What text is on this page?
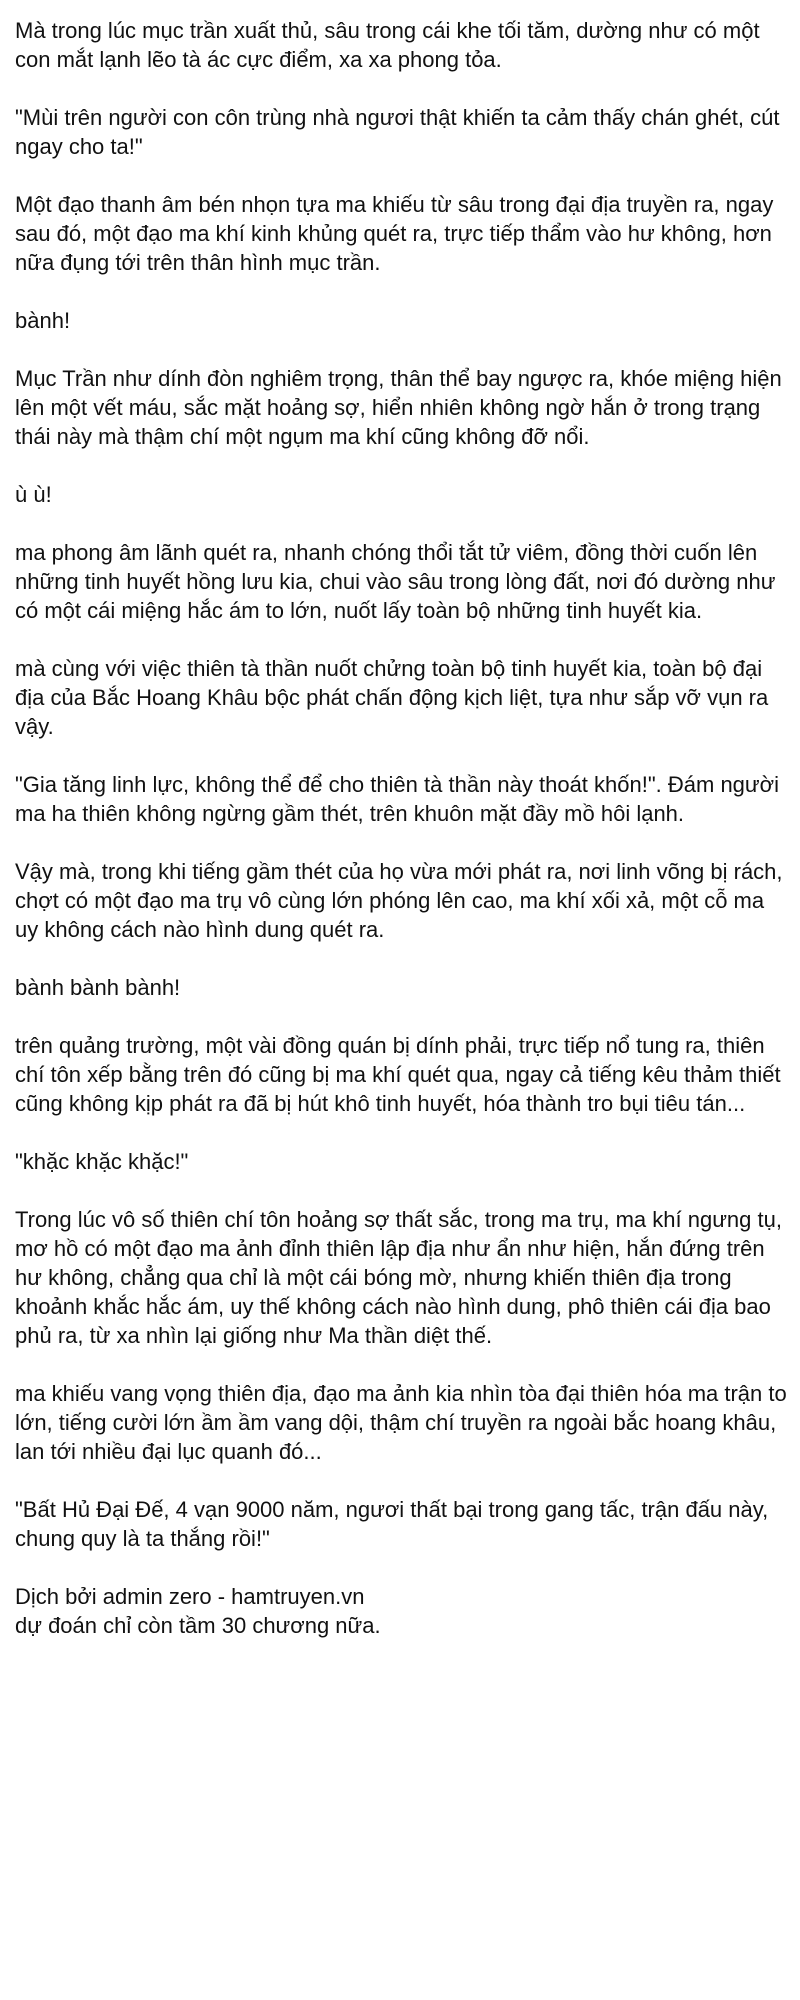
Mà trong lúc mục trần xuất thủ, sâu trong cái khe tối tăm, dường như có một con mắt lạnh lẽo tà ác cực điểm, xa xa phong tỏa.

"Mùi trên người con côn trùng nhà ngươi thật khiến ta cảm thấy chán ghét, cút ngay cho ta!"

Một đạo thanh âm bén nhọn tựa ma khiếu từ sâu trong đại địa truyền ra, ngay sau đó, một đạo ma khí kinh khủng quét ra, trực tiếp thẩm vào hư không, hơn nữa đụng tới trên thân hình mục trần.

bành!

Mục Trần như dính đòn nghiêm trọng, thân thể bay ngược ra, khóe miệng hiện lên một vết máu, sắc mặt hoảng sợ, hiển nhiên không ngờ hắn ở trong trạng thái này mà thậm chí một ngụm ma khí cũng không đỡ nổi.

ù ù!

ma phong âm lãnh quét ra, nhanh chóng thổi tắt tử viêm, đồng thời cuốn lên những tinh huyết hồng lưu kia, chui vào sâu trong lòng đất, nơi đó dường như có một cái miệng hắc ám to lớn, nuốt lấy toàn bộ những tinh huyết kia.

mà cùng với việc thiên tà thần nuốt chửng toàn bộ tinh huyết kia, toàn bộ đại địa của Bắc Hoang Khâu bộc phát chấn động kịch liệt, tựa như sắp vỡ vụn ra vậy.

"Gia tăng linh lực, không thể để cho thiên tà thần này thoát khốn!". Đám người ma ha thiên không ngừng gầm thét, trên khuôn mặt đầy mồ hôi lạnh.

Vậy mà, trong khi tiếng gầm thét của họ vừa mới phát ra, nơi linh võng bị rách, chợt có một đạo ma trụ vô cùng lớn phóng lên cao, ma khí xối xả, một cỗ ma uy không cách nào hình dung quét ra.

bành bành bành!

trên quảng trường, một vài đồng quán bị dính phải, trực tiếp nổ tung ra, thiên chí tôn xếp bằng trên đó cũng bị ma khí quét qua, ngay cả tiếng kêu thảm thiết cũng không kịp phát ra đã bị hút khô tinh huyết, hóa thành tro bụi tiêu tán...

"khặc khặc khặc!"

Trong lúc vô số thiên chí tôn hoảng sợ thất sắc, trong ma trụ, ma khí ngưng tụ, mơ hồ có một đạo ma ảnh đỉnh thiên lập địa như ẩn như hiện, hắn đứng trên hư không, chẳng qua chỉ là một cái bóng mờ, nhưng khiến thiên địa trong khoảnh khắc hắc ám, uy thế không cách nào hình dung, phô thiên cái địa bao phủ ra, từ xa nhìn lại giống như Ma thần diệt thế.

ma khiếu vang vọng thiên địa, đạo ma ảnh kia nhìn tòa đại thiên hóa ma trận to lớn, tiếng cười lớn ầm ầm vang dội, thậm chí truyền ra ngoài bắc hoang khâu, lan tới nhiều đại lục quanh đó...

"Bất Hủ Đại Đế, 4 vạn 9000 năm, ngươi thất bại trong gang tấc, trận đấu này, chung quy là ta thắng rồi!"

Dịch bởi admin zero - hamtruyen.vn

dự đoán chỉ còn tầm 30 chương nữa.
